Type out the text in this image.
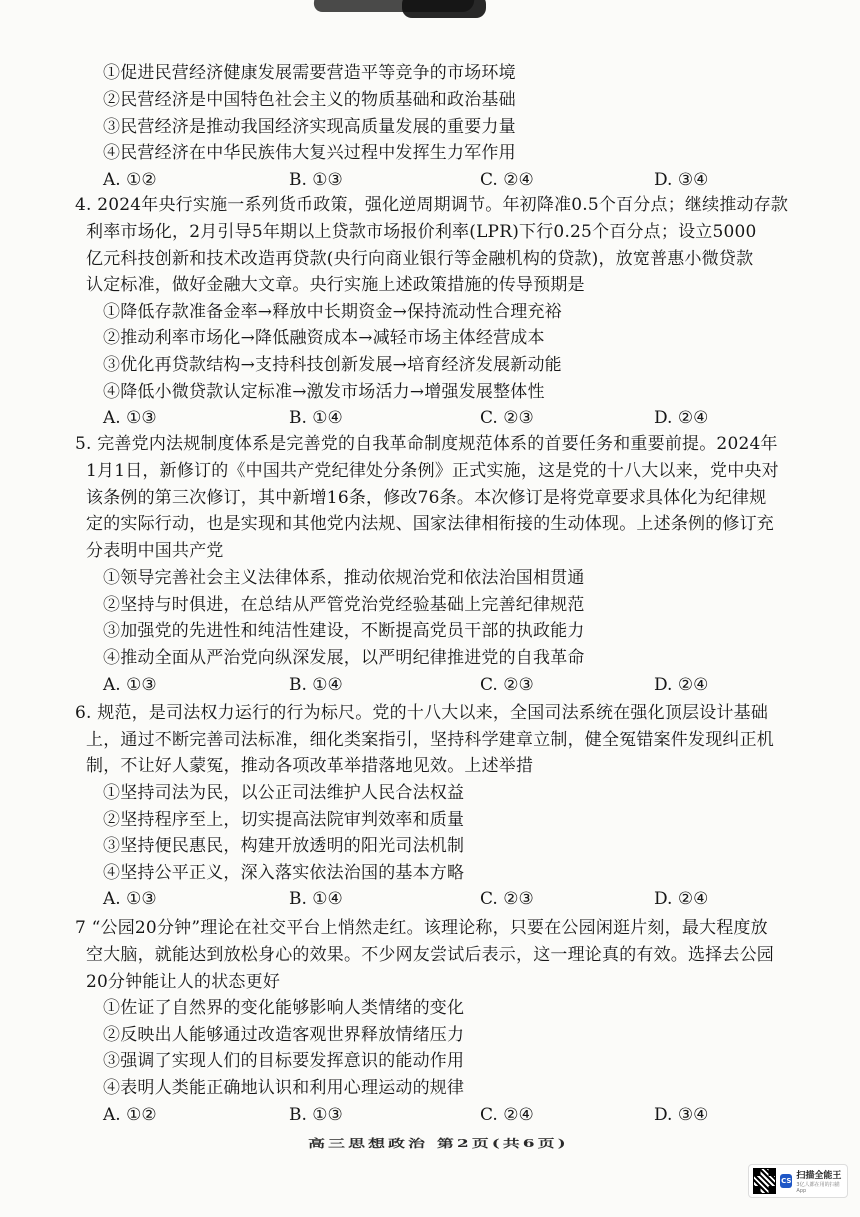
①促进民营经济健康发展需要营造平等竞争的市场环境
②民营经济是中国特色社会主义的物质基础和政治基础
③民营经济是推动我国经济实现高质量发展的重要力量
④民营经济在中华民族伟大复兴过程中发挥生力军作用
A. ①②	B. ①③	C. ②④	D. ③④
4. 2024年央行实施一系列货币政策，强化逆周期调节。年初降准0.5个百分点；继续推动存款
利率市场化，2月引导5年期以上贷款市场报价利率(LPR)下行0.25个百分点；设立5000
亿元科技创新和技术改造再贷款(央行向商业银行等金融机构的贷款)，放宽普惠小微贷款
认定标准，做好金融大文章。央行实施上述政策措施的传导预期是
①降低存款准备金率→释放中长期资金→保持流动性合理充裕
②推动利率市场化→降低融资成本→减轻市场主体经营成本
③优化再贷款结构→支持科技创新发展→培育经济发展新动能
④降低小微贷款认定标准→激发市场活力→增强发展整体性
A. ①③	B. ①④	C. ②③	D. ②④
5. 完善党内法规制度体系是完善党的自我革命制度规范体系的首要任务和重要前提。2024年
1月1日，新修订的《中国共产党纪律处分条例》正式实施，这是党的十八大以来，党中央对
该条例的第三次修订，其中新增16条，修改76条。本次修订是将党章要求具体化为纪律规
定的实际行动，也是实现和其他党内法规、国家法律相衔接的生动体现。上述条例的修订充
分表明中国共产党
①领导完善社会主义法律体系，推动依规治党和依法治国相贯通
②坚持与时俱进，在总结从严管党治党经验基础上完善纪律规范
③加强党的先进性和纯洁性建设，不断提高党员干部的执政能力
④推动全面从严治党向纵深发展，以严明纪律推进党的自我革命
A. ①③	B. ①④	C. ②③	D. ②④
6. 规范，是司法权力运行的行为标尺。党的十八大以来，全国司法系统在强化顶层设计基础
上，通过不断完善司法标准，细化类案指引，坚持科学建章立制，健全冤错案件发现纠正机
制，不让好人蒙冤，推动各项改革举措落地见效。上述举措
①坚持司法为民，以公正司法维护人民合法权益
②坚持程序至上，切实提高法院审判效率和质量
③坚持便民惠民，构建开放透明的阳光司法机制
④坚持公平正义，深入落实依法治国的基本方略
A. ①③	B. ①④	C. ②③	D. ②④
7 “公园20分钟”理论在社交平台上悄然走红。该理论称，只要在公园闲逛片刻，最大程度放
空大脑，就能达到放松身心的效果。不少网友尝试后表示，这一理论真的有效。选择去公园
20分钟能让人的状态更好
①佐证了自然界的变化能够影响人类情绪的变化
②反映出人能够通过改造客观世界释放情绪压力
③强调了实现人们的目标要发挥意识的能动作用
④表明人类能正确地认识和利用心理运动的规律
A. ①②	B. ①③	C. ②④	D. ③④
高三思想政治 第2页(共6页)
CS 扫描全能王
3亿人都在用的扫描App
